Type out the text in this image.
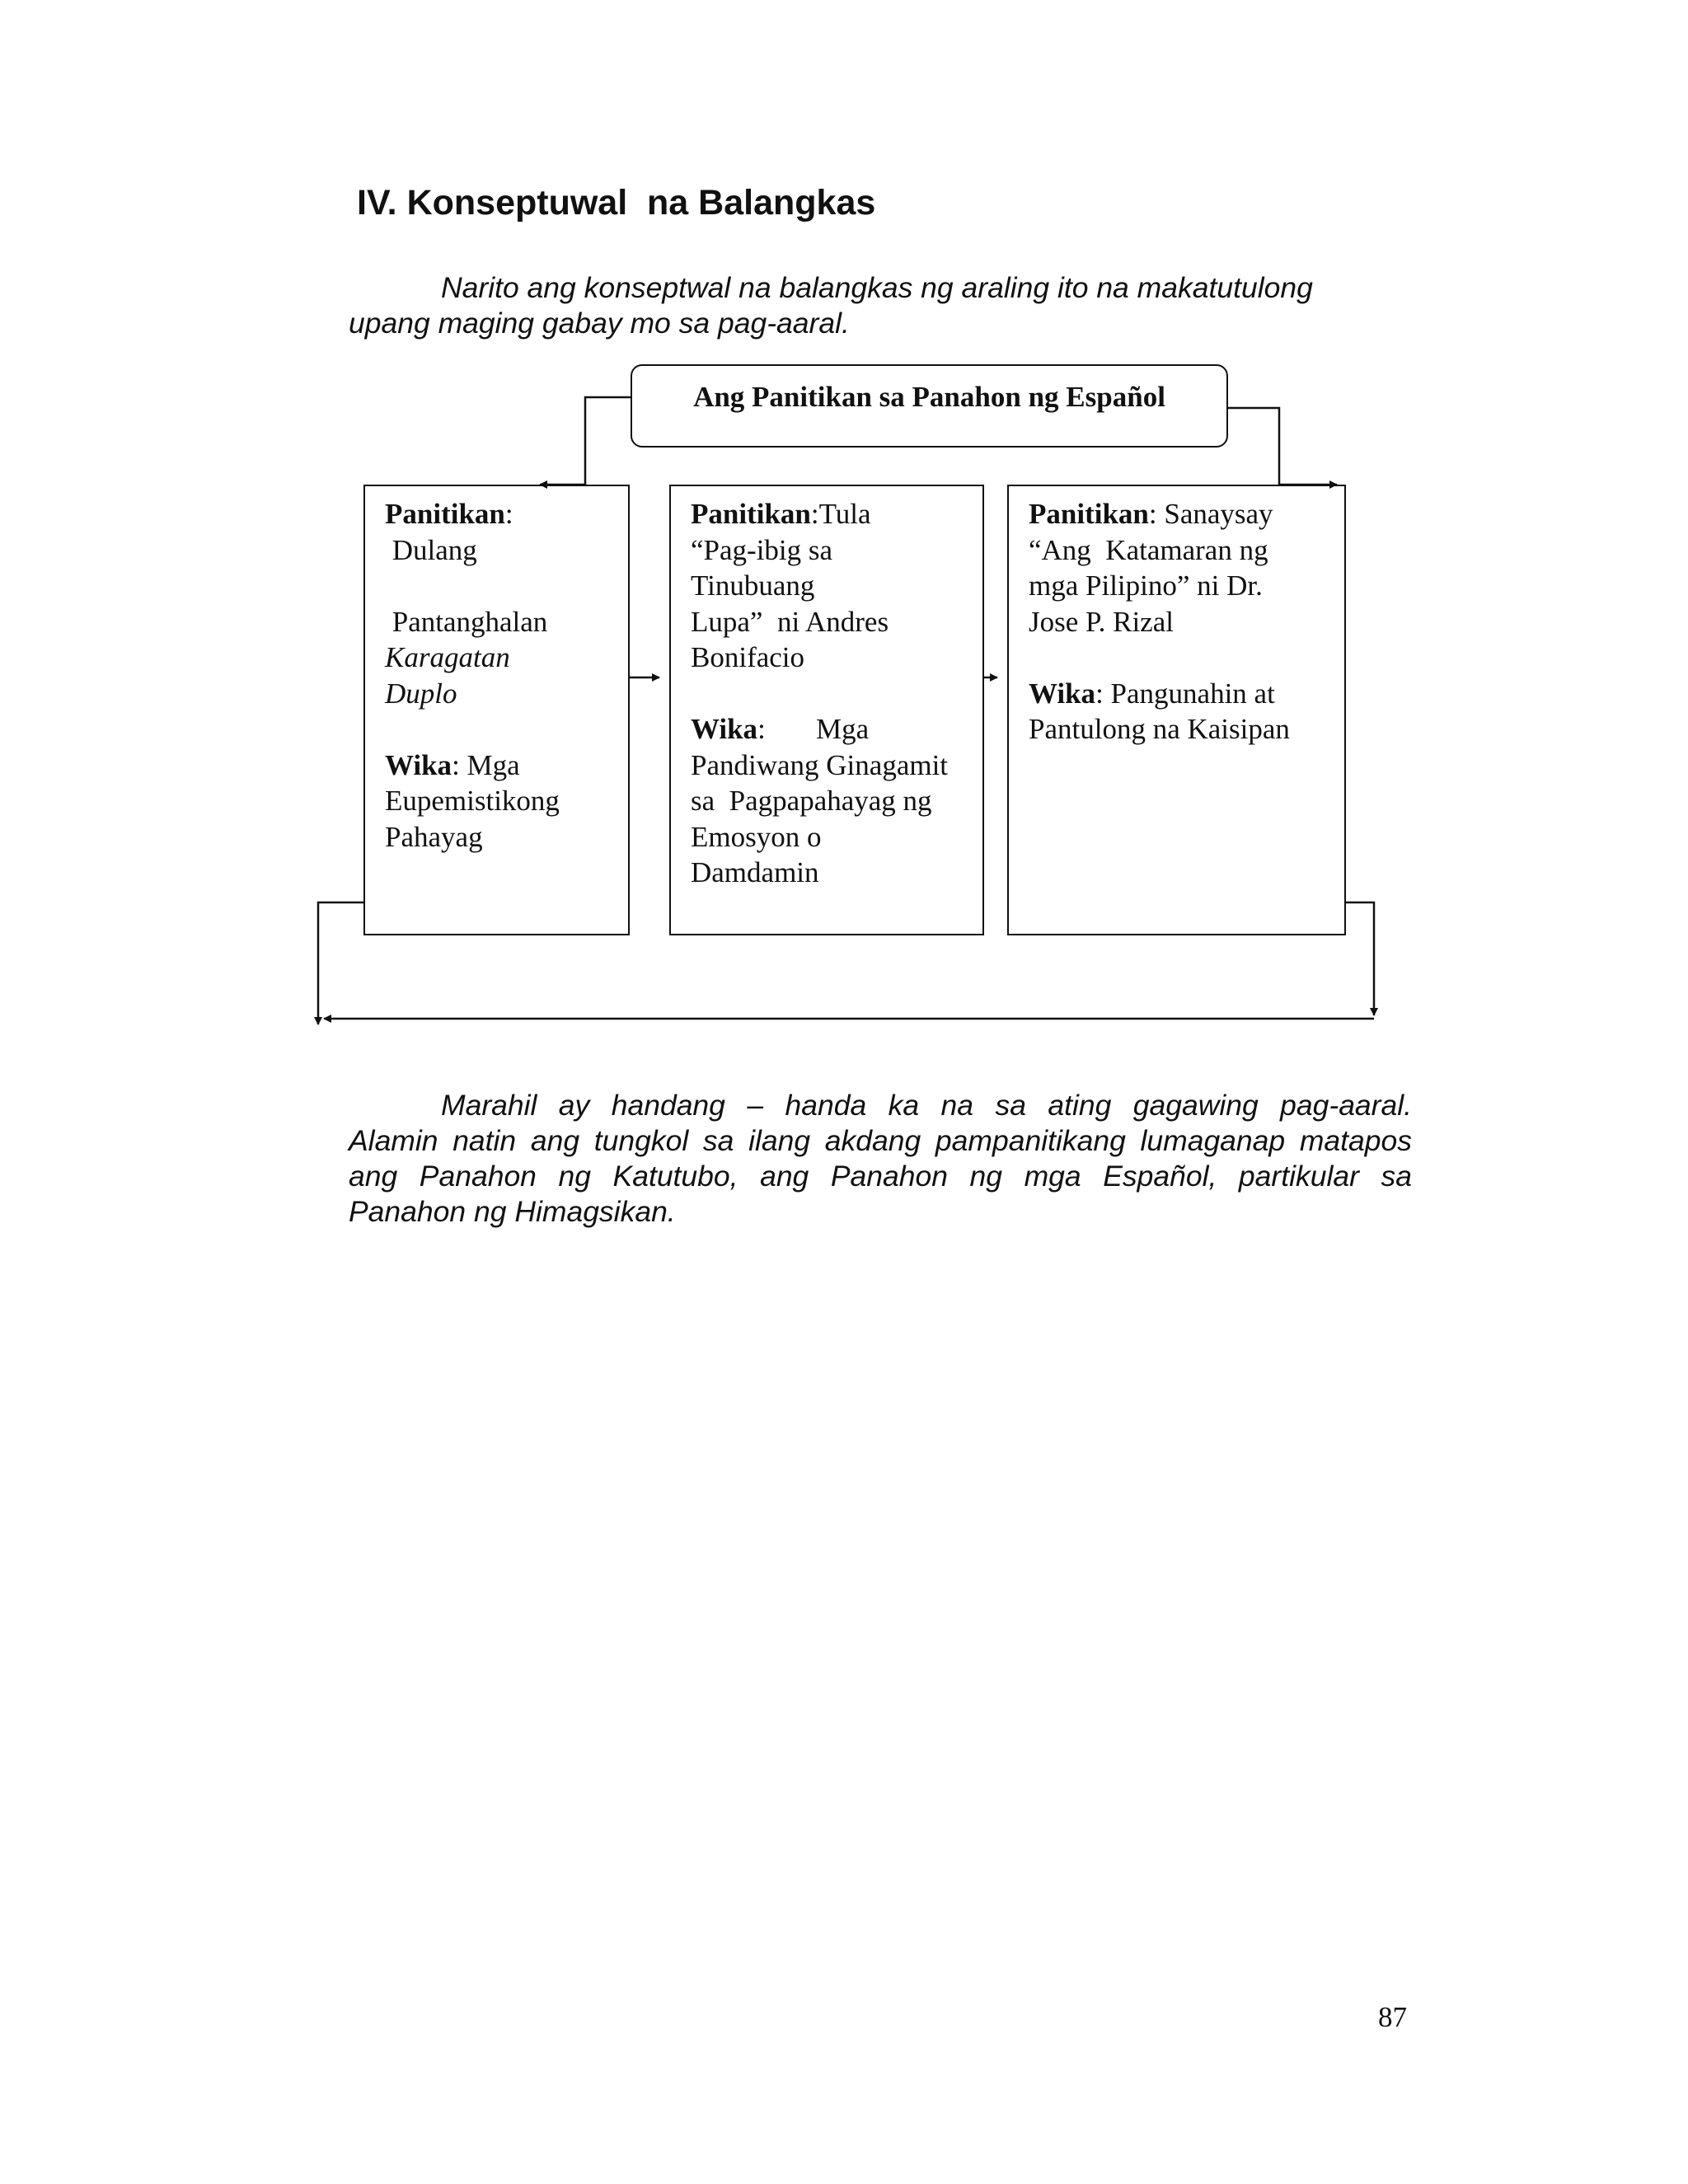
IV. Konseptuwal  na Balangkas

Narito ang konseptwal na balangkas ng araling ito na makatutulong
upang maging gabay mo sa pag-aaral.

Ang Panitikan sa Panahon ng Español
Panitikan:
Dulang
Pantanghalan
Karagatan
Duplo
Wika: Mga
Eupemistikong
Pahayag
Panitikan:Tula
“Pag-ibig sa
Tinubuang
Lupa”  ni Andres
Bonifacio
Wika:       Mga
Pandiwang Ginagamit
sa  Pagpapahayag ng
Emosyon o
Damdamin
Panitikan: Sanaysay
“Ang  Katamaran ng
mga Pilipino” ni Dr.
Jose P. Rizal
Wika: Pangunahin at
Pantulong na Kaisipan

Marahil ay handang – handa ka na sa ating gagawing pag-aaral.
Alamin natin ang tungkol sa ilang akdang pampanitikang lumaganap matapos
ang Panahon ng Katutubo, ang Panahon ng mga Español, partikular sa
Panahon ng Himagsikan.

87
